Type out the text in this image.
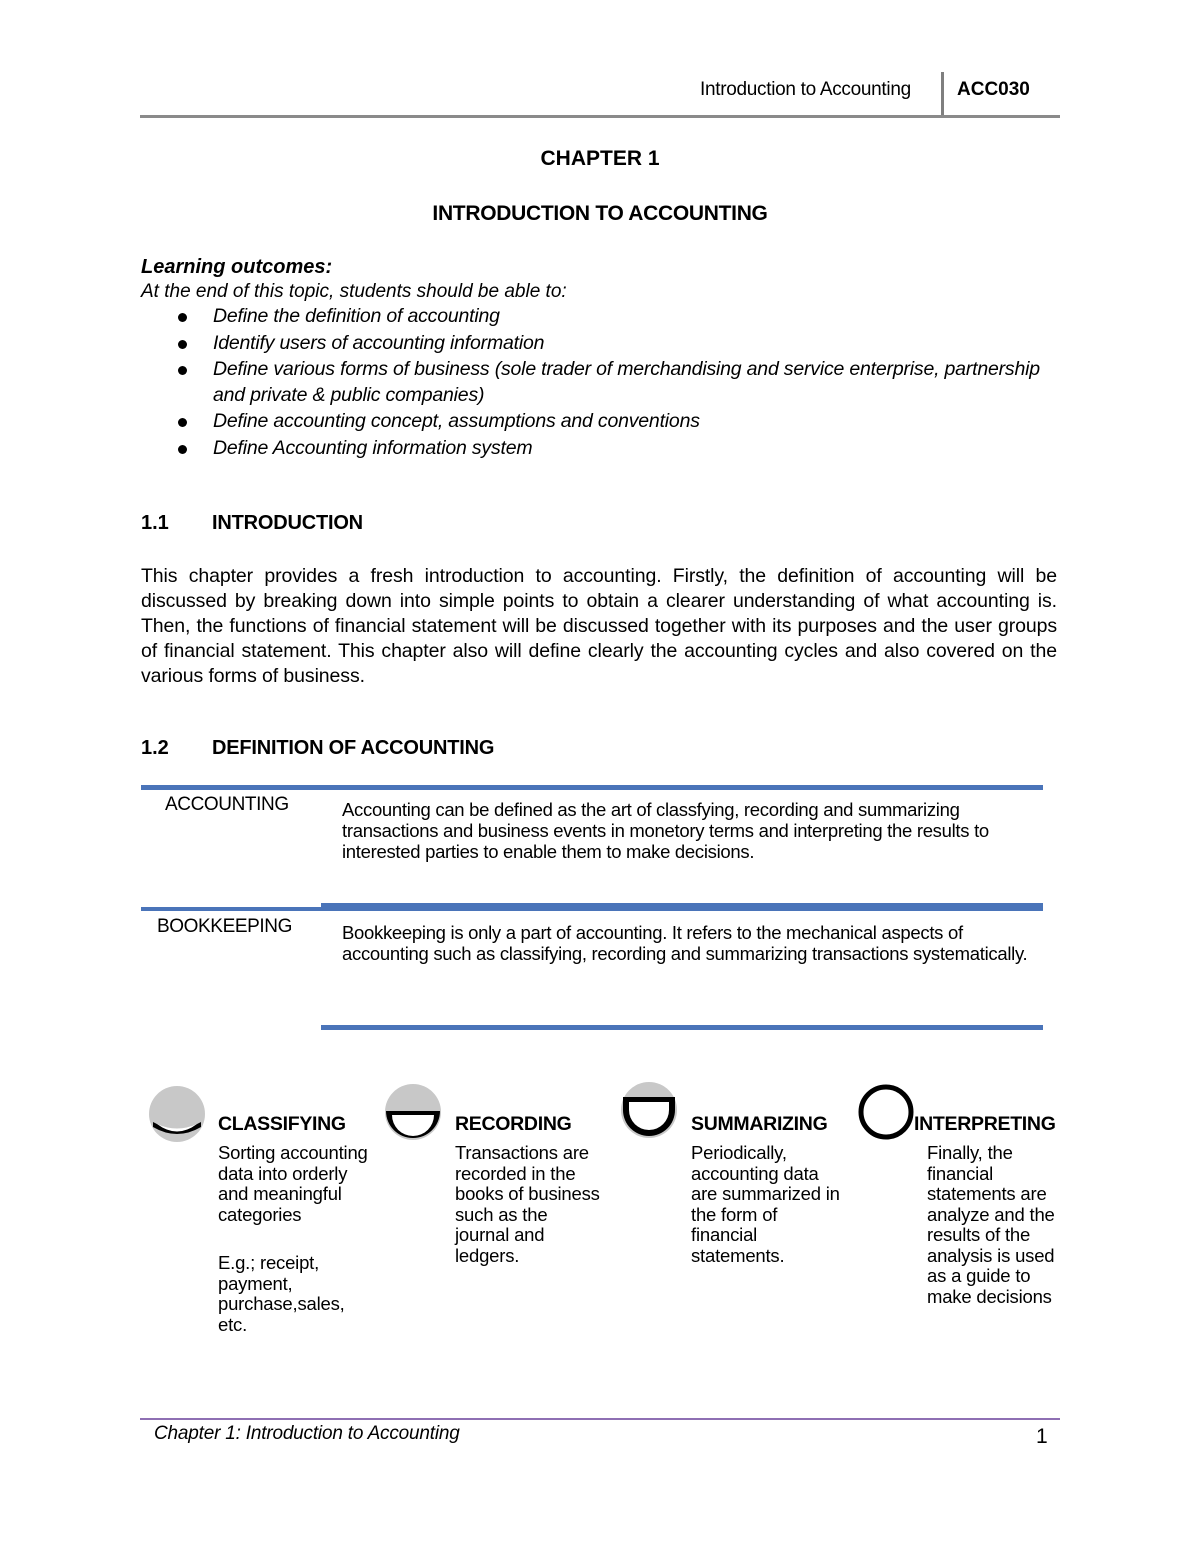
Introduction to Accounting ACC030
CHAPTER 1
INTRODUCTION TO ACCOUNTING
Learning outcomes:
At the end of this topic, students should be able to:
Define the definition of accounting
Identify users of accounting information
Define various forms of business (sole trader of merchandising and service enterprise, partnership and private & public companies)
Define accounting concept, assumptions and conventions
Define Accounting information system
1.1 INTRODUCTION
This chapter provides a fresh introduction to accounting. Firstly, the definition of accounting will be discussed by breaking down into simple points to obtain a clearer understanding of what accounting is. Then, the functions of financial statement will be discussed together with its purposes and the user groups of financial statement. This chapter also will define clearly the accounting cycles and also covered on the various forms of business.
1.2 DEFINITION OF ACCOUNTING
ACCOUNTING	Accounting can be defined as the art of classfying, recording and summarizing transactions and business events in monetory terms and interpreting the results to interested parties to enable them to make decisions.
BOOKKEEPING	Bookkeeping is only a part of accounting. It refers to the mechanical aspects of accounting such as classifying, recording and summarizing transactions systematically.
CLASSIFYING
Sorting accounting data into orderly and meaningful categories
E.g.; receipt, payment, purchase,sales, etc.
RECORDING
Transactions are recorded in the books of business such as the journal and ledgers.
SUMMARIZING
Periodically, accounting data are summarized in the form of financial statements.
INTERPRETING
Finally, the financial statements are analyze and the results of the analysis is used as a guide to make decisions
Chapter 1: Introduction to Accounting	1
